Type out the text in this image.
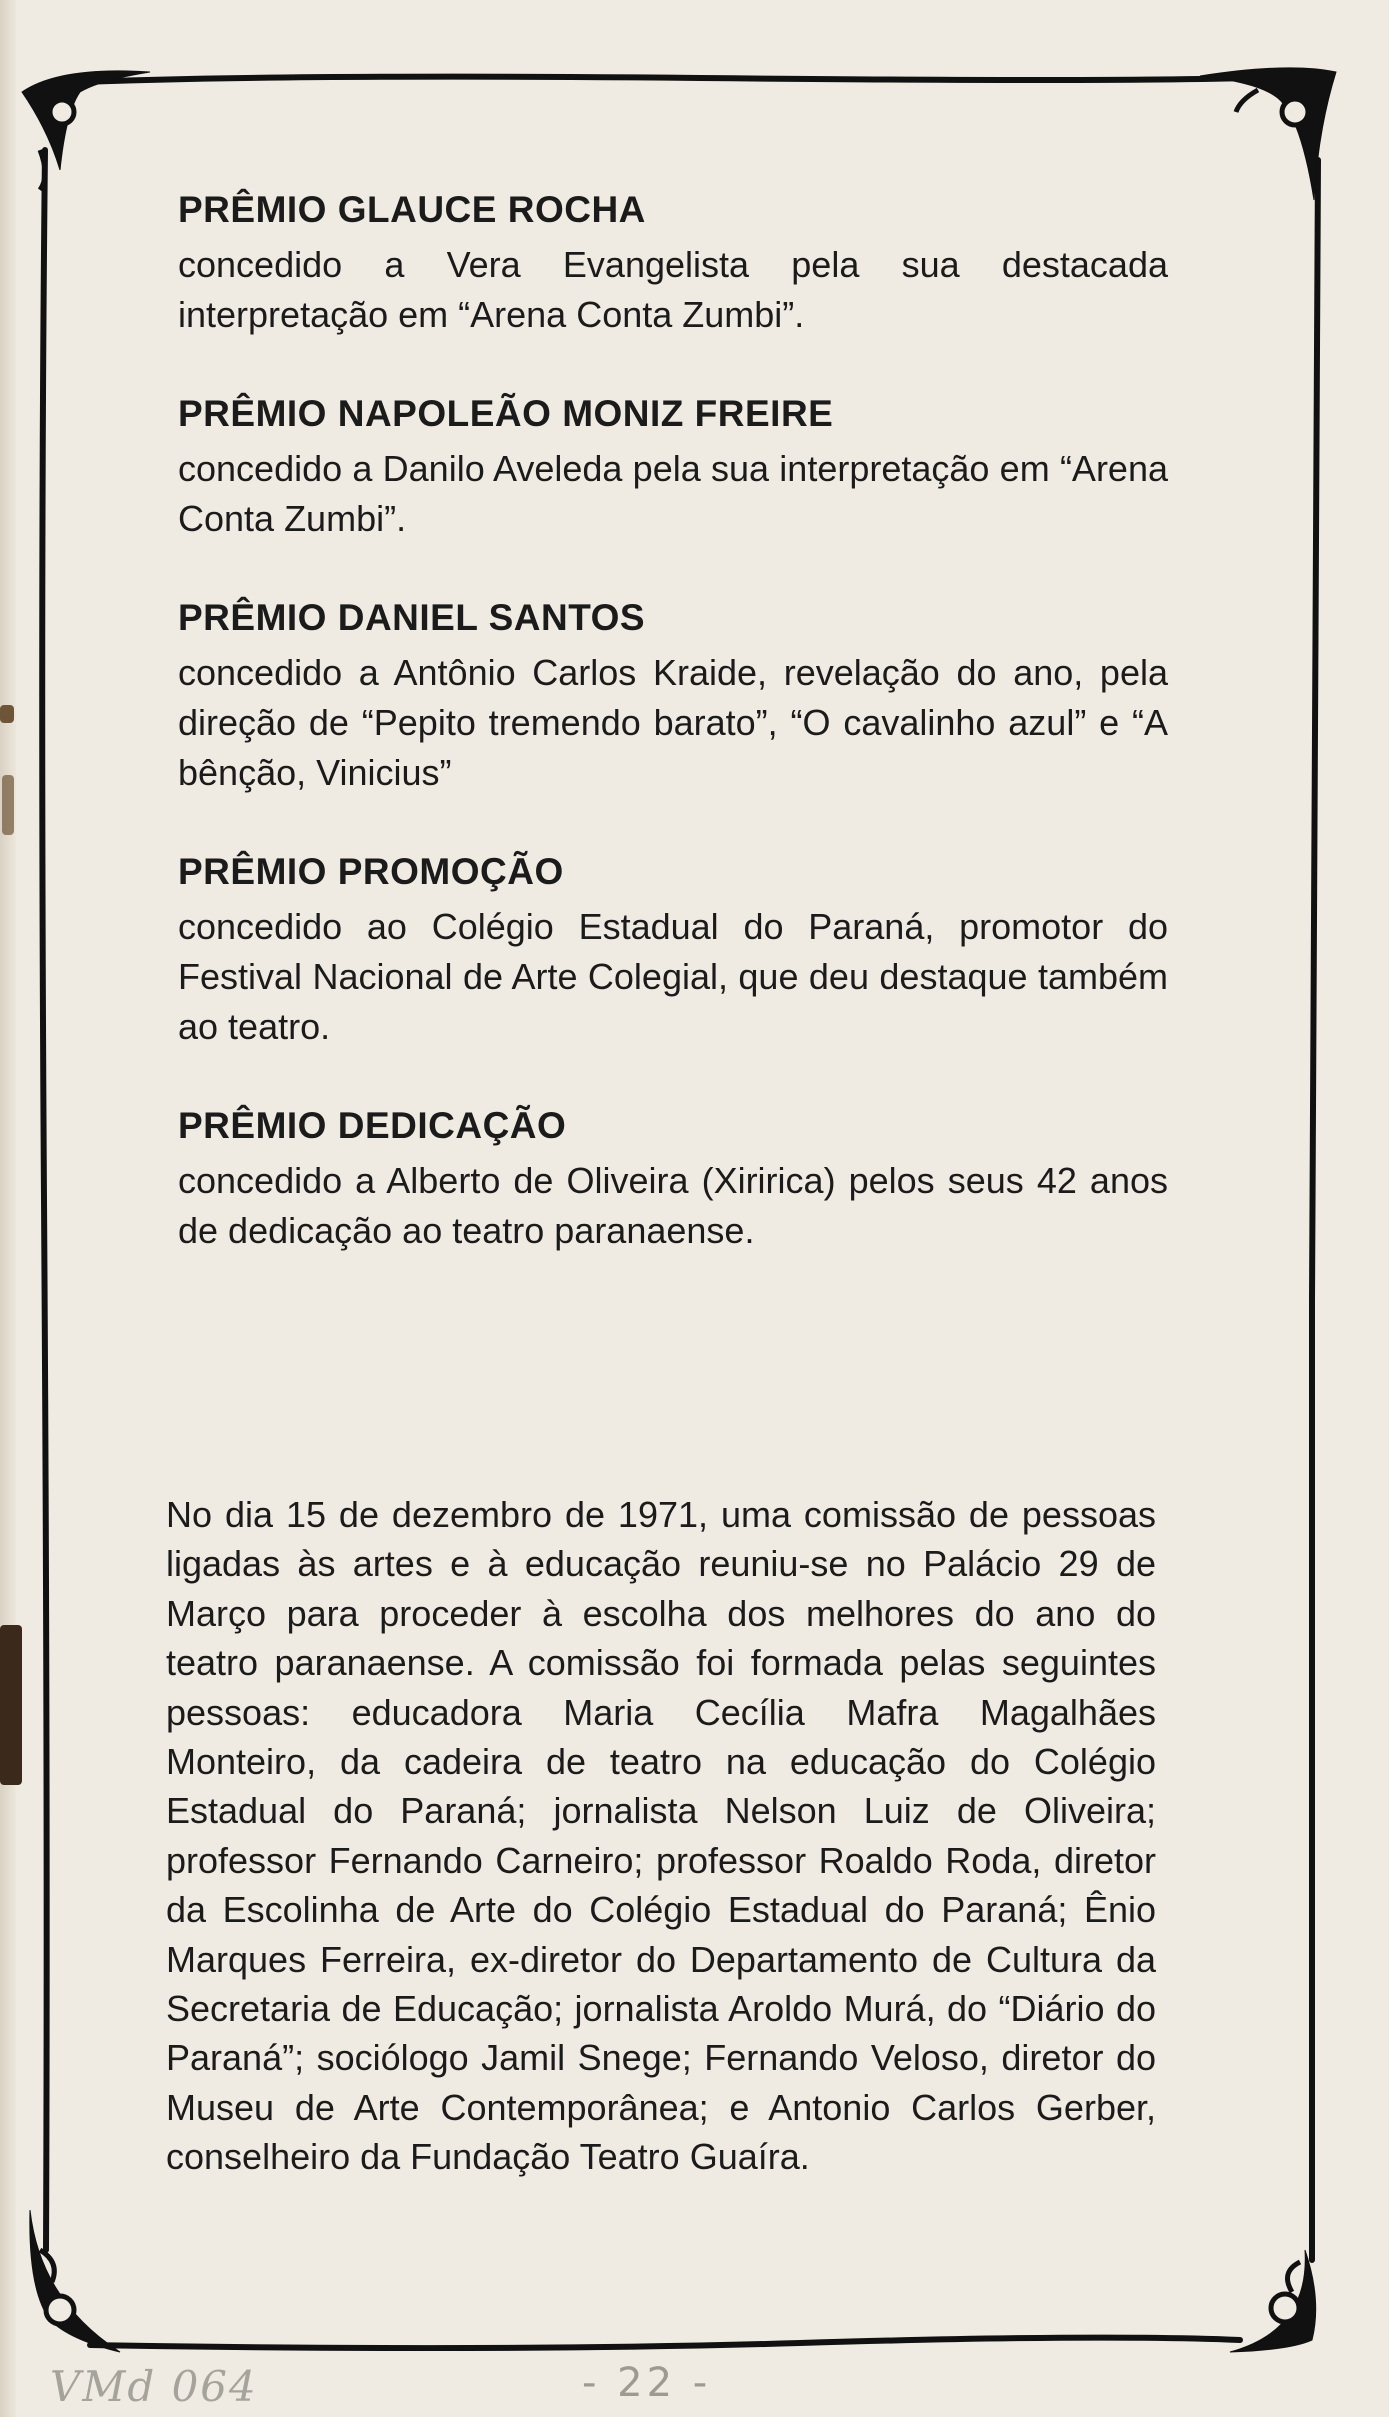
PRÊMIO GLAUCE ROCHA

concedido a Vera Evangelista pela sua destacada interpretação em “Arena Conta Zumbi”.

PRÊMIO NAPOLEÃO MONIZ FREIRE

concedido a Danilo Aveleda pela sua interpretação em “Arena Conta Zumbi”.

PRÊMIO DANIEL SANTOS

concedido a Antônio Carlos Kraide, revelação do ano, pela direção de “Pepito tremendo barato”, “O cavalinho azul” e “A bênção, Vinicius”

PRÊMIO PROMOÇÃO

concedido ao Colégio Estadual do Paraná, promotor do Festival Nacional de Arte Colegial, que deu destaque também ao teatro.

PRÊMIO DEDICAÇÃO

concedido a Alberto de Oliveira (Xiririca) pelos seus 42 anos de dedicação ao teatro paranaense.

No dia 15 de dezembro de 1971, uma comissão de pessoas ligadas às artes e à educação reuniu-se no Palácio 29 de Março para proceder à escolha dos melhores do ano do teatro paranaense. A comissão foi formada pelas seguintes pessoas: educadora Maria Cecília Mafra Magalhães Monteiro, da cadeira de teatro na educação do Colégio Estadual do Paraná; jornalista Nelson Luiz de Oliveira; professor Fernando Carneiro; professor Roaldo Roda, diretor da Escolinha de Arte do Colégio Estadual do Paraná; Ênio Marques Ferreira, ex-diretor do Departamento de Cultura da Secretaria de Educação; jornalista Aroldo Murá, do “Diário do Paraná”; sociólogo Jamil Snege; Fernando Veloso, diretor do Museu de Arte Contemporânea; e Antonio Carlos Gerber, conselheiro da Fundação Teatro Guaíra.

VMd 064	- 22 -
